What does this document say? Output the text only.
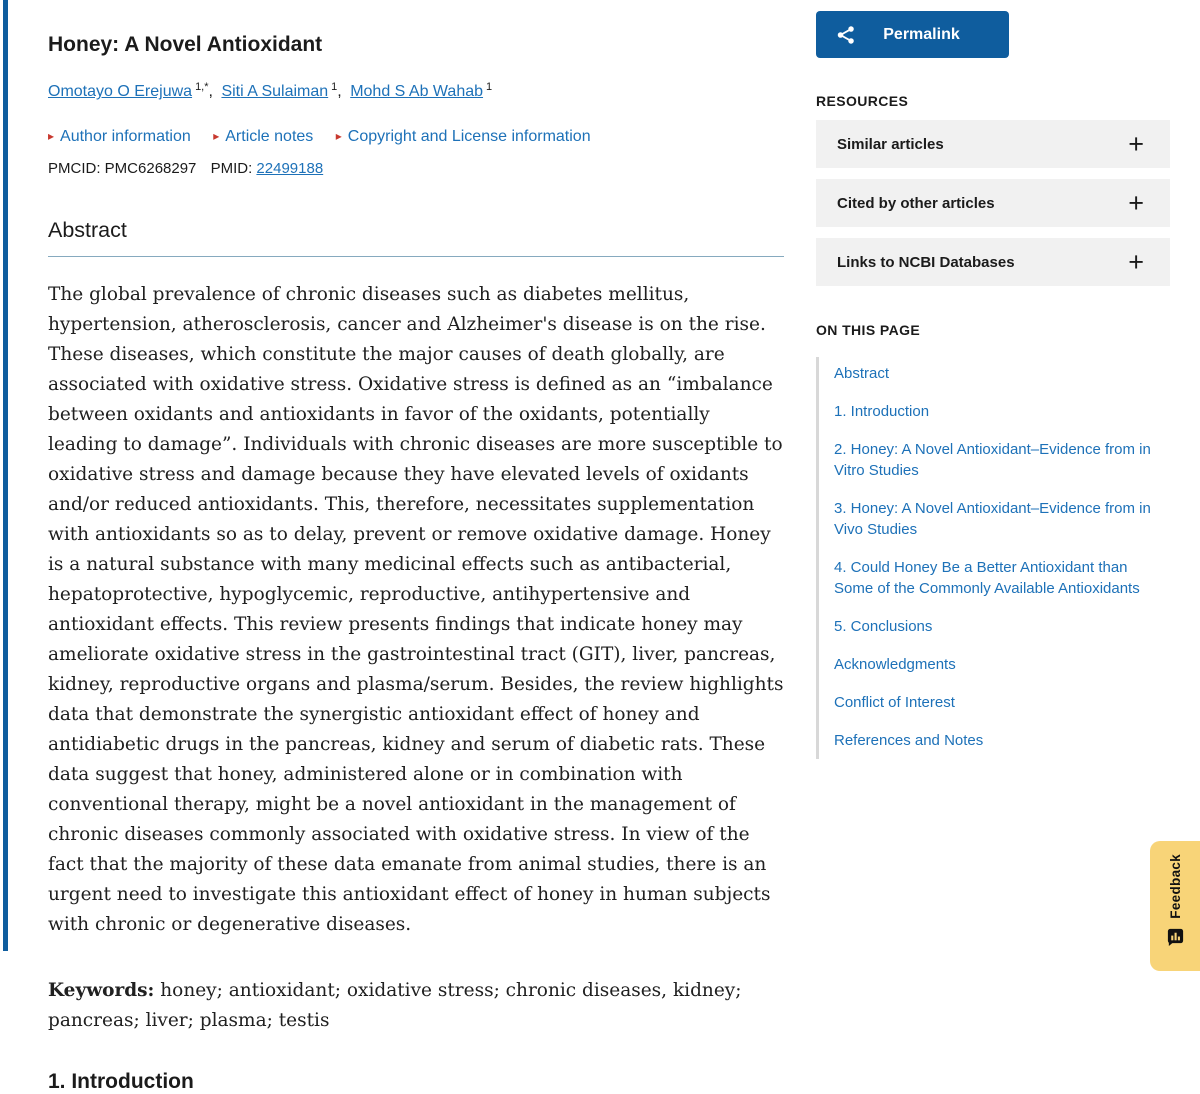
Honey: A Novel Antioxidant
Omotayo O Erejuwa $^{1,*}$, Siti A Sulaiman $^1$, Mohd S Ab Wahab $^1$
▸ Author information ▸ Article notes ▸ Copyright and License information
PMCID: PMC6268297 PMID: 22499188
Abstract

The global prevalence of chronic diseases such as diabetes mellitus, hypertension, atherosclerosis, cancer and Alzheimer's disease is on the rise. These diseases, which constitute the major causes of death globally, are associated with oxidative stress. Oxidative stress is defined as an “imbalance between oxidants and antioxidants in favor of the oxidants, potentially leading to damage”. Individuals with chronic diseases are more susceptible to oxidative stress and damage because they have elevated levels of oxidants and/or reduced antioxidants. This, therefore, necessitates supplementation with antioxidants so as to delay, prevent or remove oxidative damage. Honey is a natural substance with many medicinal effects such as antibacterial, hepatoprotective, hypoglycemic, reproductive, antihypertensive and antioxidant effects. This review presents findings that indicate honey may ameliorate oxidative stress in the gastrointestinal tract (GIT), liver, pancreas, kidney, reproductive organs and plasma/serum. Besides, the review highlights data that demonstrate the synergistic antioxidant effect of honey and antidiabetic drugs in the pancreas, kidney and serum of diabetic rats. These data suggest that honey, administered alone or in combination with conventional therapy, might be a novel antioxidant in the management of chronic diseases commonly associated with oxidative stress. In view of the fact that the majority of these data emanate from animal studies, there is an urgent need to investigate this antioxidant effect of honey in human subjects with chronic or degenerative diseases.

Keywords: honey; antioxidant; oxidative stress; chronic diseases, kidney; pancreas; liver; plasma; testis

1. Introduction
Permalink
RESOURCES
Similar articles	+
Cited by other articles	+
Links to NCBI Databases	+
ON THIS PAGE
Abstract
1. Introduction
2. Honey: A Novel Antioxidant–Evidence from in Vitro Studies
3. Honey: A Novel Antioxidant–Evidence from in Vivo Studies
4. Could Honey Be a Better Antioxidant than Some of the Commonly Available Antioxidants
5. Conclusions
Acknowledgments
Conflict of Interest
References and Notes
Feedback
